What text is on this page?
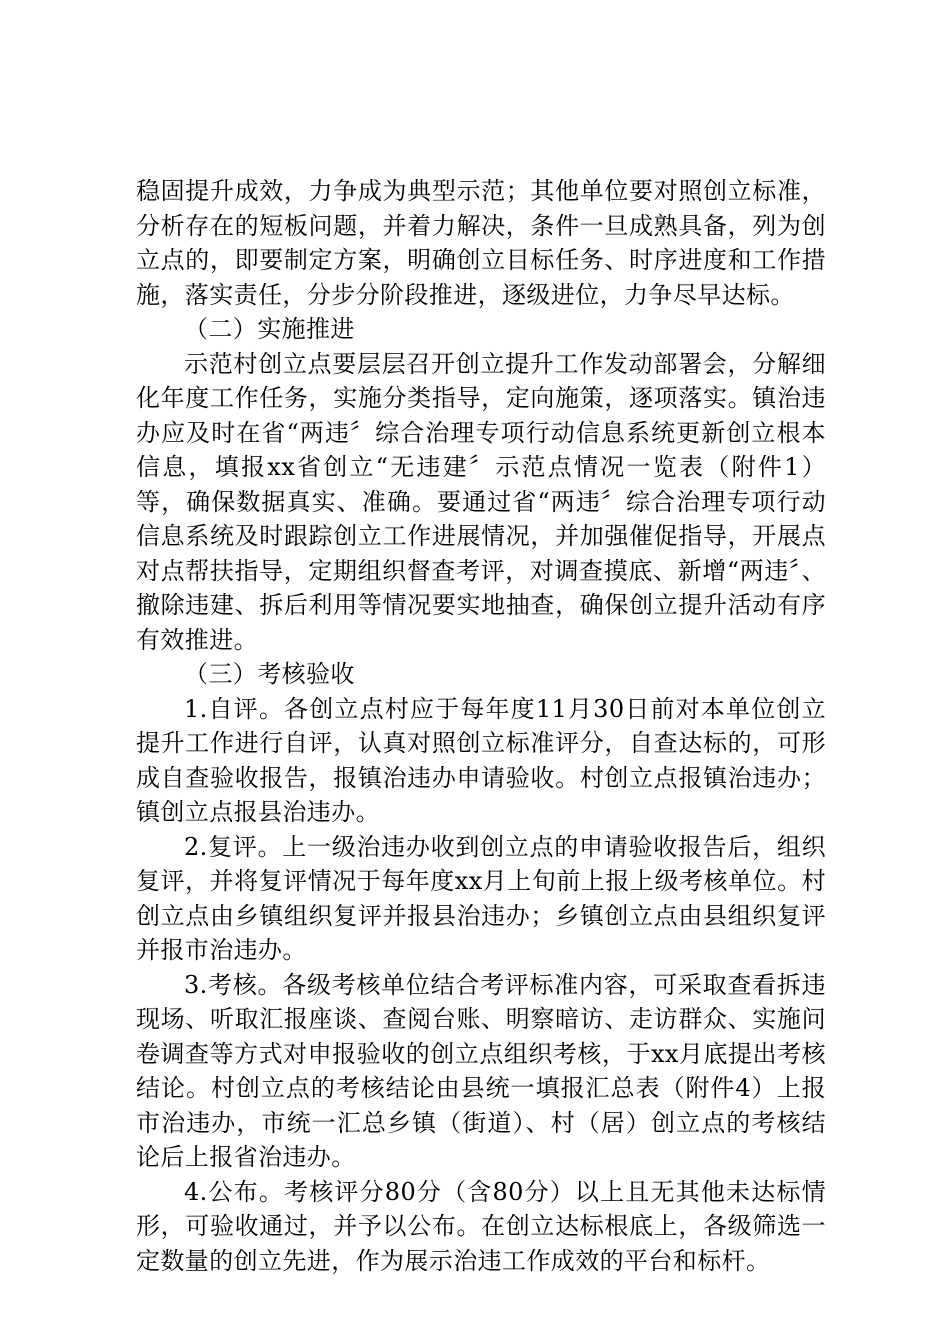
稳固提升成效，力争成为典型示范；其他单位要对照创立标准，分析存在的短板问题，并着力解决，条件一旦成熟具备，列为创立点的，即要制定方案，明确创立目标任务、时序进度和工作措施，落实责任，分步分阶段推进，逐级进位，力争尽早达标。

（二）实施推进

示范村创立点要层层召开创立提升工作发动部署会，分解细化年度工作任务，实施分类指导，定向施策，逐项落实。镇治违办应及时在省“两违〞综合治理专项行动信息系统更新创立根本信息，填报xx省创立“无违建〞示范点情况一览表（附件1）等，确保数据真实、准确。要通过省“两违〞综合治理专项行动信息系统及时跟踪创立工作进展情况，并加强催促指导，开展点对点帮扶指导，定期组织督查考评，对调查摸底、新增“两违〞、撤除违建、拆后利用等情况要实地抽查，确保创立提升活动有序有效推进。

（三）考核验收

1.自评。各创立点村应于每年度11月30日前对本单位创立提升工作进行自评，认真对照创立标准评分，自查达标的，可形成自查验收报告，报镇治违办申请验收。村创立点报镇治违办；镇创立点报县治违办。

2.复评。上一级治违办收到创立点的申请验收报告后，组织复评，并将复评情况于每年度xx月上旬前上报上级考核单位。村创立点由乡镇组织复评并报县治违办；乡镇创立点由县组织复评并报市治违办。

3.考核。各级考核单位结合考评标准内容，可采取查看拆违现场、听取汇报座谈、查阅台账、明察暗访、走访群众、实施问卷调查等方式对申报验收的创立点组织考核，于xx月底提出考核结论。村创立点的考核结论由县统一填报汇总表（附件4）上报市治违办，市统一汇总乡镇（街道）、村（居）创立点的考核结论后上报省治违办。

4.公布。考核评分80分（含80分）以上且无其他未达标情形，可验收通过，并予以公布。在创立达标根底上，各级筛选一定数量的创立先进，作为展示治违工作成效的平台和标杆。
